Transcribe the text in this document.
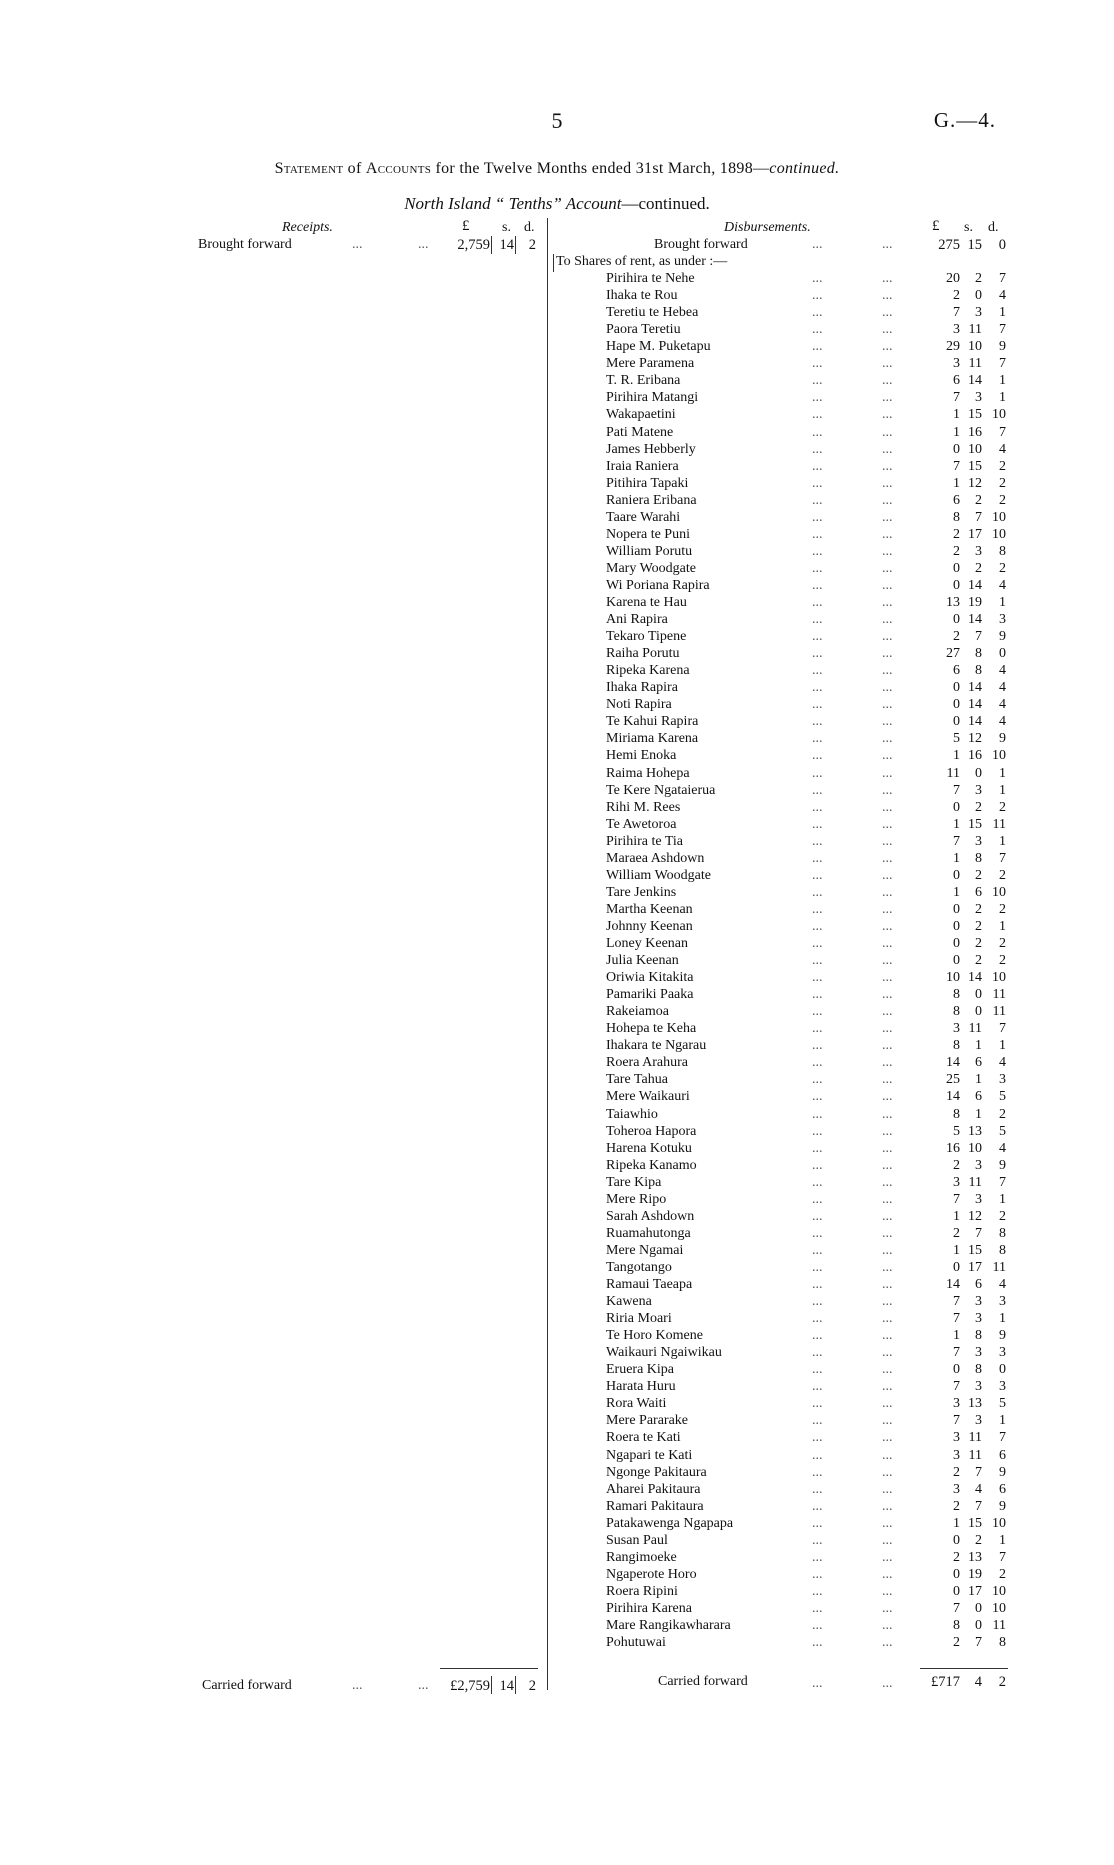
5	G.—4.
Statement of Accounts for the Twelve Months ended 31st March, 1898—continued.
North Island “ Tenths” Account—continued.
Receipts.	£ s. d.
Brought forward	...	...	2,759 14	2
Carried forward	...	...	£2,759 14	2
Disbursements.	£ s. d.
Brought forward	...	...	275 15	0
To Shares of rent, as under :—
Pirihira te Nehe	...	...	20	2	7
Ihaka te Rou	...	...	2	0	4
Teretiu te Hebea	...	...	7	3	1
Paora Teretiu	...	...	3 11	7
Hape M. Puketapu	...	...	29 10	9
Mere Paramena	...	...	3 11	7
T. R. Eribana	...	...	6 14	1
Pirihira Matangi	...	...	7	3	1
Wakapaetini	...	...	1 15 10
Pati Matene	...	...	1 16	7
James Hebberly	...	...	0 10	4
Iraia Raniera	...	...	7 15	2
Pitihira Tapaki	...	...	1 12	2
Raniera Eribana	...	...	6	2	2
Taare Warahi	...	...	8	7 10
Nopera te Puni	...	...	2 17 10
William Porutu	...	...	2	3	8
Mary Woodgate	...	...	0	2	2
Wi Poriana Rapira	...	...	0 14	4
Karena te Hau	...	...	13 19	1
Ani Rapira	...	...	0 14	3
Tekaro Tipene	...	...	2	7	9
Raiha Porutu	...	...	27	8	0
Ripeka Karena	...	...	6	8	4
Ihaka Rapira	...	...	0 14	4
Noti Rapira	...	...	0 14	4
Te Kahui Rapira	...	...	0 14	4
Miriama Karena	...	...	5 12	9
Hemi Enoka	...	...	1 16 10
Raima Hohepa	...	...	11	0	1
Te Kere Ngataierua	...	...	7	3	1
Rihi M. Rees	...	...	0	2	2
Te Awetoroa	...	...	1 15 11
Pirihira te Tia	...	...	7	3	1
Maraea Ashdown	...	...	1	8	7
William Woodgate	...	...	0	2	2
Tare Jenkins	...	...	1	6 10
Martha Keenan	...	...	0	2	2
Johnny Keenan	...	...	0	2	1
Loney Keenan	...	...	0	2	2
Julia Keenan	...	...	0	2	2
Oriwia Kitakita	...	...	10 14 10
Pamariki Paaka	...	...	8	0 11
Rakeiamoa	...	...	8	0 11
Hohepa te Keha	...	...	3 11	7
Ihakara te Ngarau	...	...	8	1	1
Roera Arahura	...	...	14	6	4
Tare Tahua	...	...	25	1	3
Mere Waikauri	...	...	14	6	5
Taiawhio	...	...	8	1	2
Toheroa Hapora	...	...	5 13	5
Harena Kotuku	...	...	16 10	4
Ripeka Kanamo	...	...	2	3	9
Tare Kipa	...	...	3 11	7
Mere Ripo	...	...	7	3	1
Sarah Ashdown	...	...	1 12	2
Ruamahutonga	...	...	2	7	8
Mere Ngamai	...	...	1 15	8
Tangotango	...	...	0 17 11
Ramaui Taeapa	...	...	14	6	4
Kawena	...	...	7	3	3
Riria Moari	...	...	7	3	1
Te Horo Komene	...	...	1	8	9
Waikauri Ngaiwikau	...	...	7	3	3
Eruera Kipa	...	...	0	8	0
Harata Huru	...	...	7	3	3
Rora Waiti	...	...	3 13	5
Mere Pararake	...	...	7	3	1
Roera te Kati	...	...	3 11	7
Ngapari te Kati	...	...	3 11	6
Ngonge Pakitaura	...	...	2	7	9
Aharei Pakitaura	...	...	3	4	6
Ramari Pakitaura	...	...	2	7	9
Patakawenga Ngapapa	...	...	1 15 10
Susan Paul	...	...	0	2	1
Rangimoeke	...	...	2 13	7
Ngaperote Horo	...	...	0 19	2
Roera Ripini	...	...	0 17 10
Pirihira Karena	...	...	7	0 10
Mare Rangikawharara	...	...	8	0 11
Pohutuwai	...	...	2	7	8
Carried forward	...	...	£717	4	2
